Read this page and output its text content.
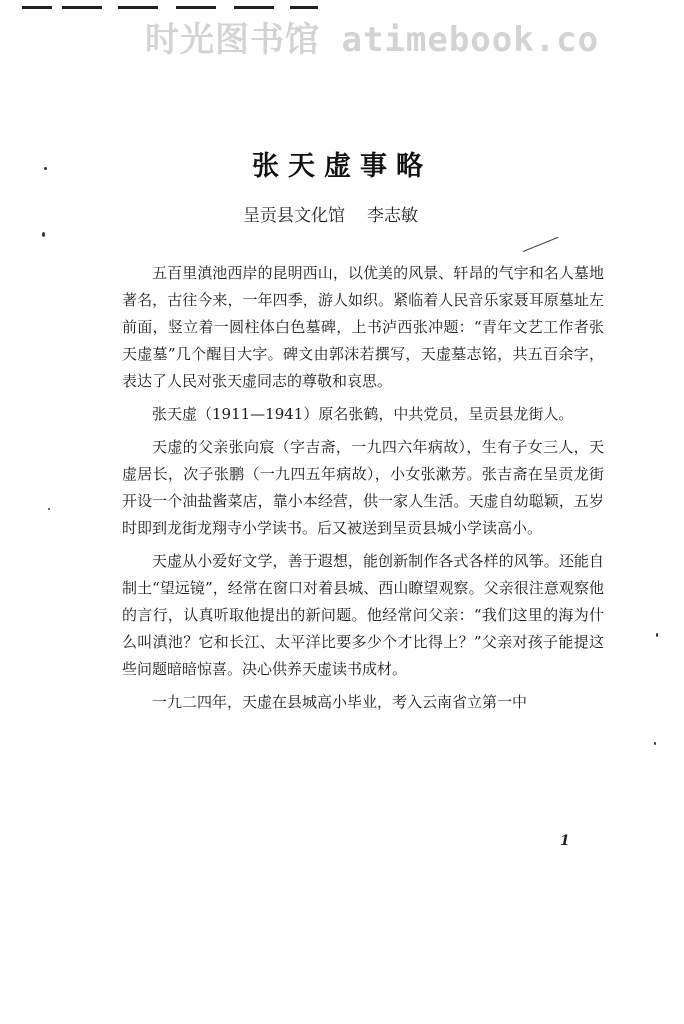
时光图书馆 atimebook.co
张天虚事略
呈贡县文化馆 李志敏

五百里滇池西岸的昆明西山，以优美的风景、轩昂的气宇和名人墓地著名，古往今来，一年四季，游人如织。紧临着人民音乐家聂耳原墓址左前面，竖立着一圆柱体白色墓碑，上书泸西张冲题：“青年文艺工作者张天虚墓”几个醒目大字。碑文由郭沫若撰写，天虚墓志铭，共五百余字，表达了人民对张天虚同志的尊敬和哀思。

张天虚（1911—1941）原名张鹤，中共党员，呈贡县龙街人。

天虚的父亲张向宸（字吉斋，一九四六年病故），生有子女三人，天虚居长，次子张鹏（一九四五年病故），小女张漱芳。张吉斋在呈贡龙街开设一个油盐酱菜店，靠小本经营，供一家人生活。天虚自幼聪颖，五岁时即到龙街龙翔寺小学读书。后又被送到呈贡县城小学读高小。

天虚从小爱好文学，善于遐想，能创新制作各式各样的风筝。还能自制土“望远镜”，经常在窗口对着县城、西山瞭望观察。父亲很注意观察他的言行，认真听取他提出的新问题。他经常问父亲：“我们这里的海为什么叫滇池？它和长江、太平洋比要多少个才比得上？”父亲对孩子能提这些问题暗暗惊喜。决心供养天虚读书成材。

一九二四年，天虚在县城高小毕业，考入云南省立第一中

1
